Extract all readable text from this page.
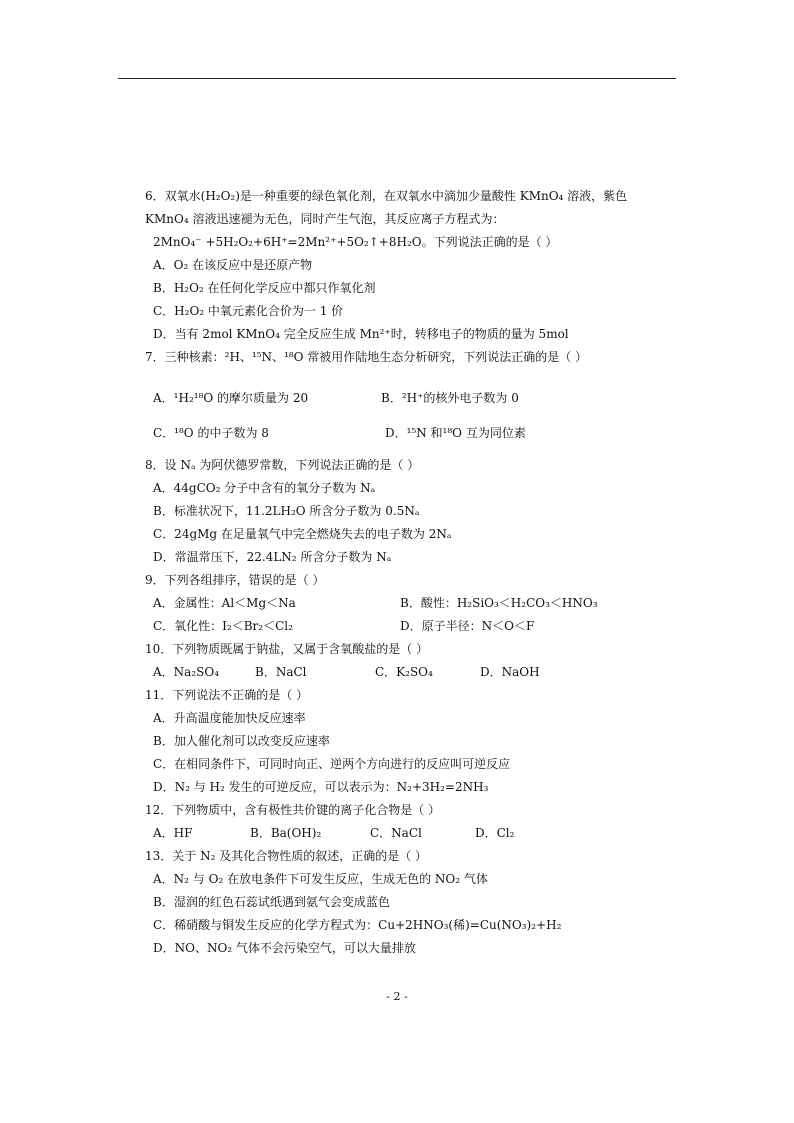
6．双氧水(H₂O₂)是一种重要的绿色氧化剂，在双氧水中滴加少量酸性 KMnO₄ 溶液，紫色
KMnO₄ 溶液迅速褪为无色，同时产生气泡，其反应离子方程式为：
2MnO₄⁻ +5H₂O₂+6H⁺=2Mn²⁺+5O₂↑+8H₂O。下列说法正确的是（ ）
A．O₂ 在该反应中是还原产物
B．H₂O₂ 在任何化学反应中都只作氧化剂
C．H₂O₂ 中氧元素化合价为一 1 价
D．当有 2mol KMnO₄ 完全反应生成 Mn²⁺时，转移电子的物质的量为 5mol
7．三种核素：²H、¹⁵N、¹⁸O 常被用作陆地生态分析研究，下列说法正确的是（ ）
A．¹H₂¹⁸O 的摩尔质量为 20	B．²H⁺的核外电子数为 0
C．¹⁸O 的中子数为 8	D．¹⁵N 和¹⁸O 互为同位素
8．设 Nₐ 为阿伏德罗常数，下列说法正确的是（ ）
A．44gCO₂ 分子中含有的氧分子数为 Nₐ
B．标准状况下，11.2LH₂O 所含分子数为 0.5Nₐ
C．24gMg 在足量氧气中完全燃烧失去的电子数为 2Nₐ
D．常温常压下，22.4LN₂ 所含分子数为 Nₐ
9．下列各组排序，错误的是（ ）
A．金属性：Al＜Mg＜Na	B．酸性：H₂SiO₃＜H₂CO₃＜HNO₃
C．氧化性：I₂＜Br₂＜Cl₂	D．原子半径：N＜O＜F
10．下列物质既属于钠盐，又属于含氧酸盐的是（ ）
A．Na₂SO₄	B．NaCl	C．K₂SO₄	D．NaOH
11．下列说法不正确的是（ ）
A．升高温度能加快反应速率
B．加人催化剂可以改变反应速率
C．在相同条件下，可同时向正、逆两个方向进行的反应叫可逆反应
D．N₂ 与 H₂ 发生的可逆反应，可以表示为：N₂+3H₂=2NH₃
12．下列物质中，含有极性共价键的离子化合物是（ ）
A．HF	B．Ba(OH)₂	C．NaCl	D．Cl₂
13．关于 N₂ 及其化合物性质的叙述，正确的是（ ）
A．N₂ 与 O₂ 在放电条件下可发生反应，生成无色的 NO₂ 气体
B．湿润的红色石蕊试纸遇到氨气会变成蓝色
C．稀硝酸与铜发生反应的化学方程式为：Cu+2HNO₃(稀)=Cu(NO₃)₂+H₂
D．NO、NO₂ 气体不会污染空气，可以大量排放
- 2 -
